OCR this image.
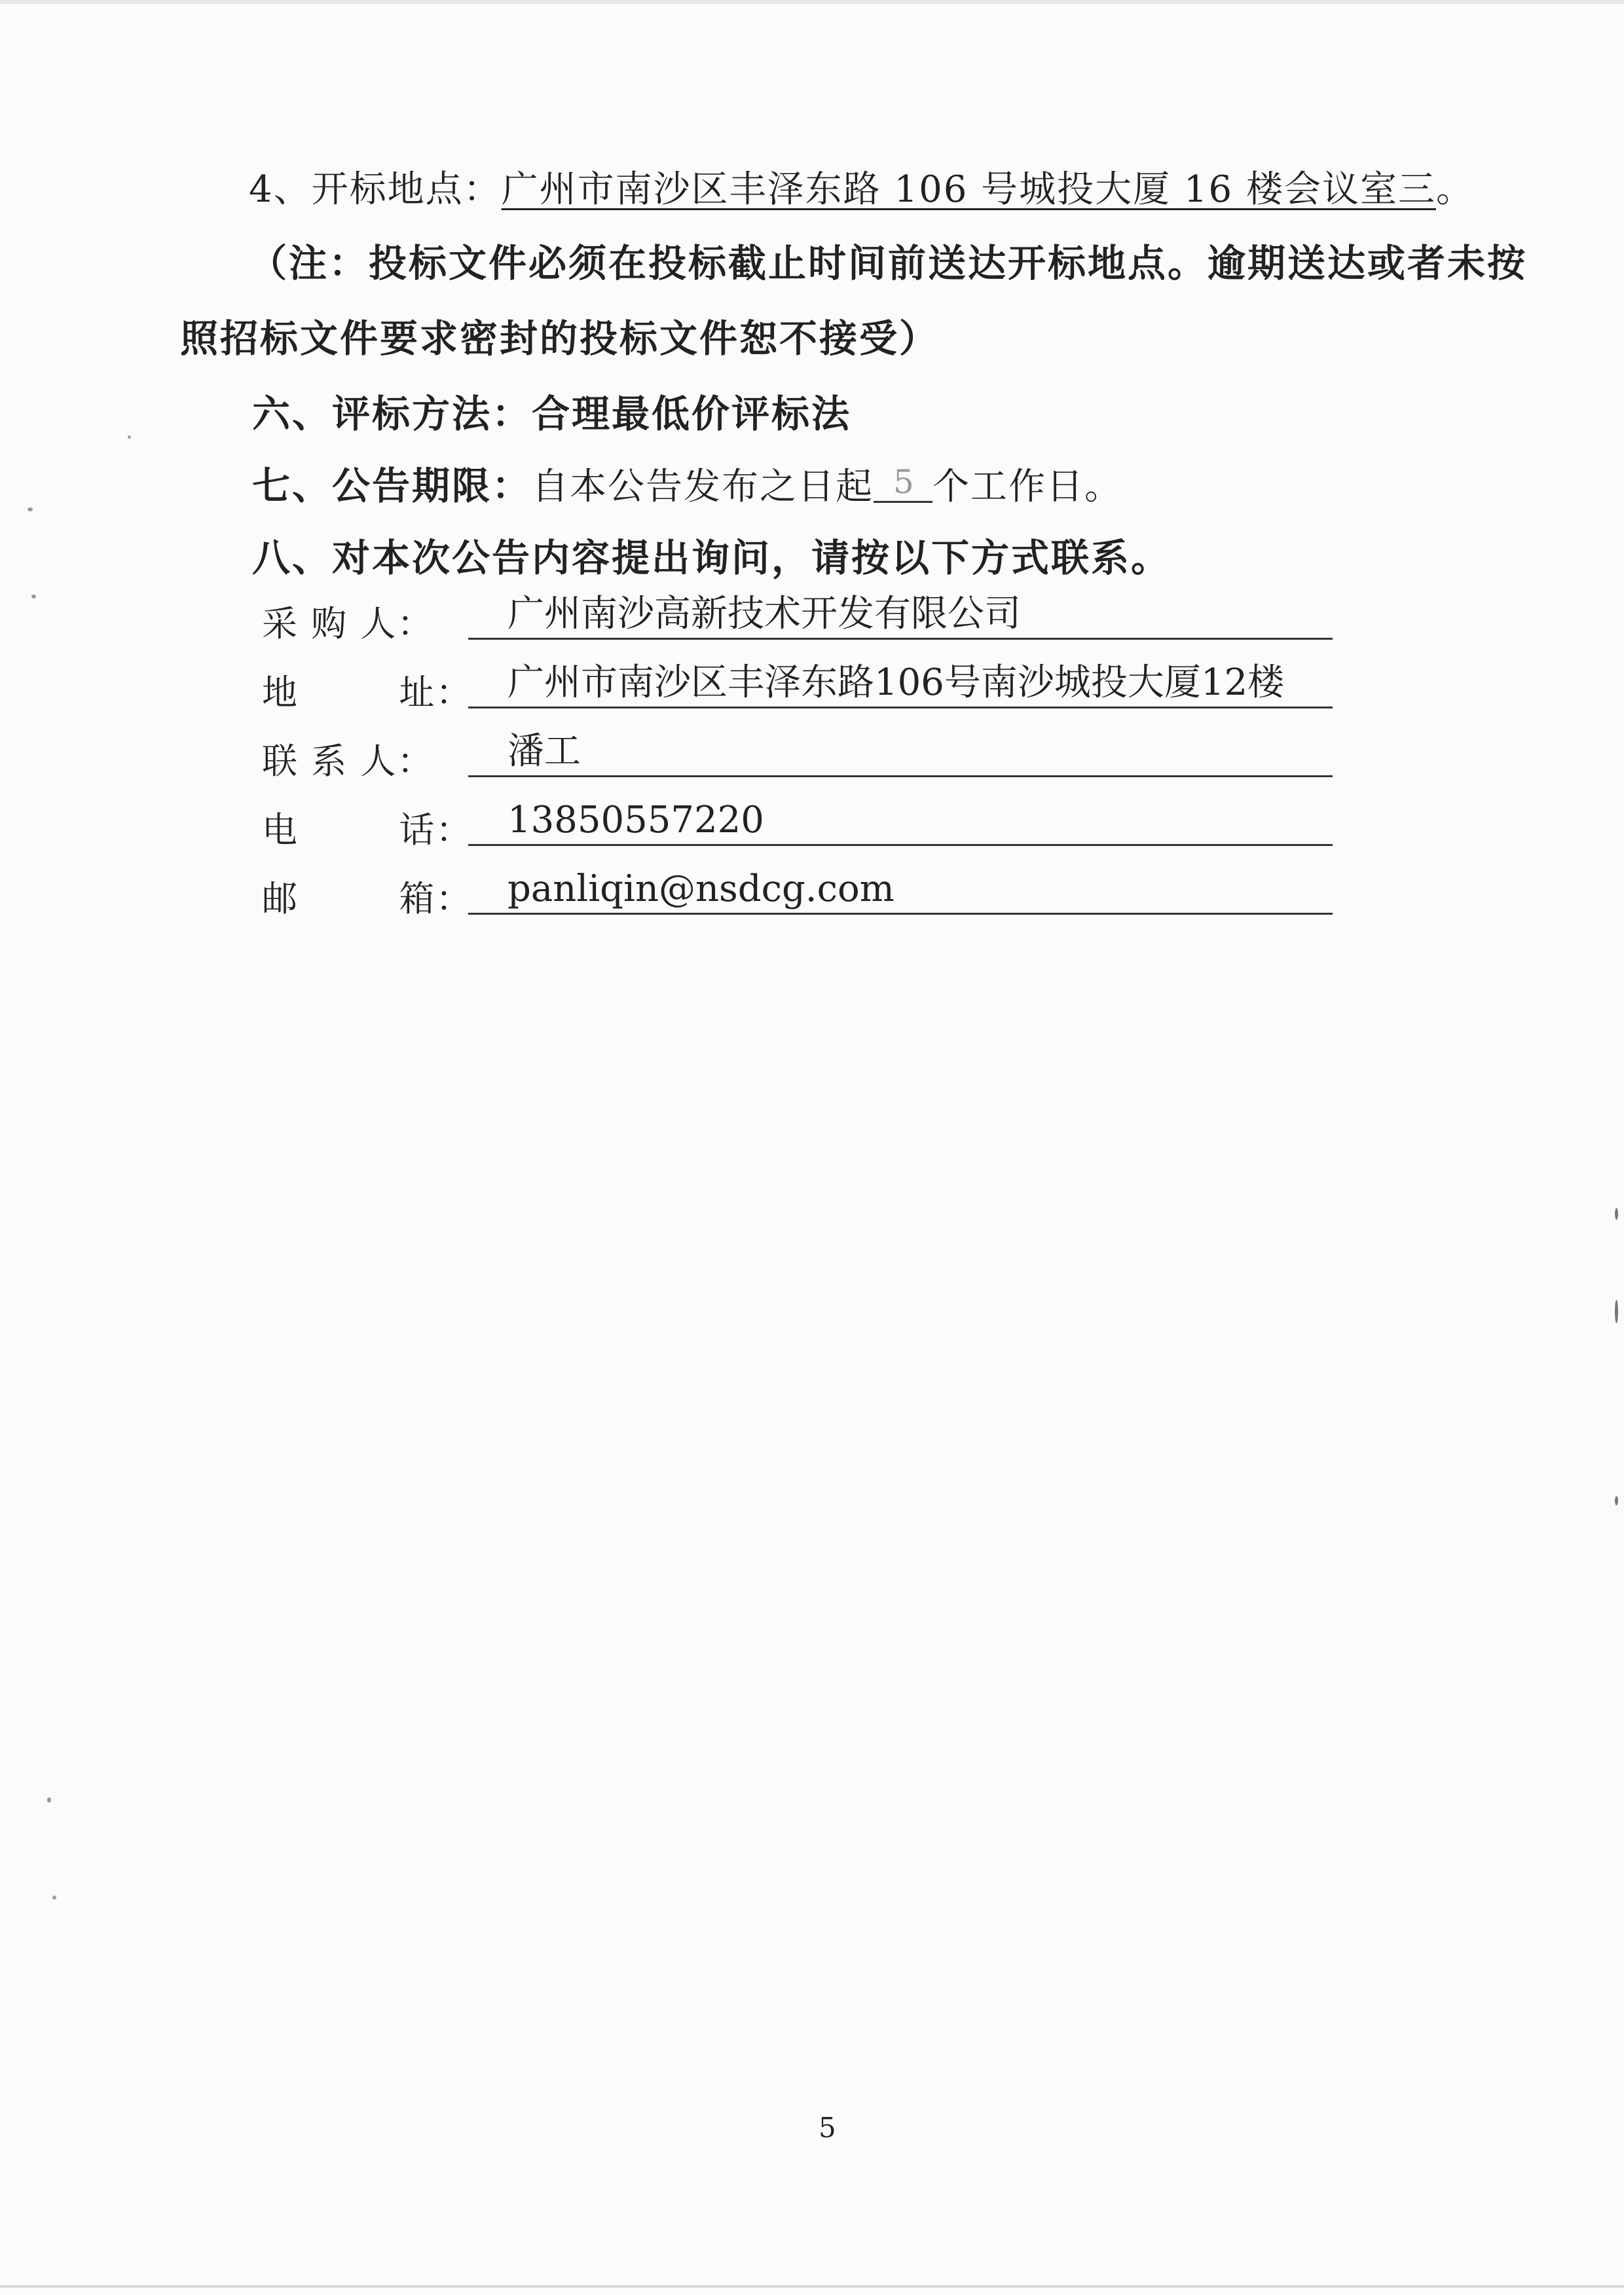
4、开标地点：广州市南沙区丰泽东路 106 号城投大厦 16 楼会议室三。
（注：投标文件必须在投标截止时间前送达开标地点。逾期送达或者未按
照招标文件要求密封的投标文件恕不接受）
六、评标方法：合理最低价评标法
七、公告期限：自本公告发布之日起 5 个工作日。
八、对本次公告内容提出询问，请按以下方式联系。
采 购 人：	广州南沙高新技术开发有限公司
地        址： 广州市南沙区丰泽东路106号南沙城投大厦12楼
联 系 人：	潘工
电        话： 13850557220
邮        箱： panliqin@nsdcg.com
5
